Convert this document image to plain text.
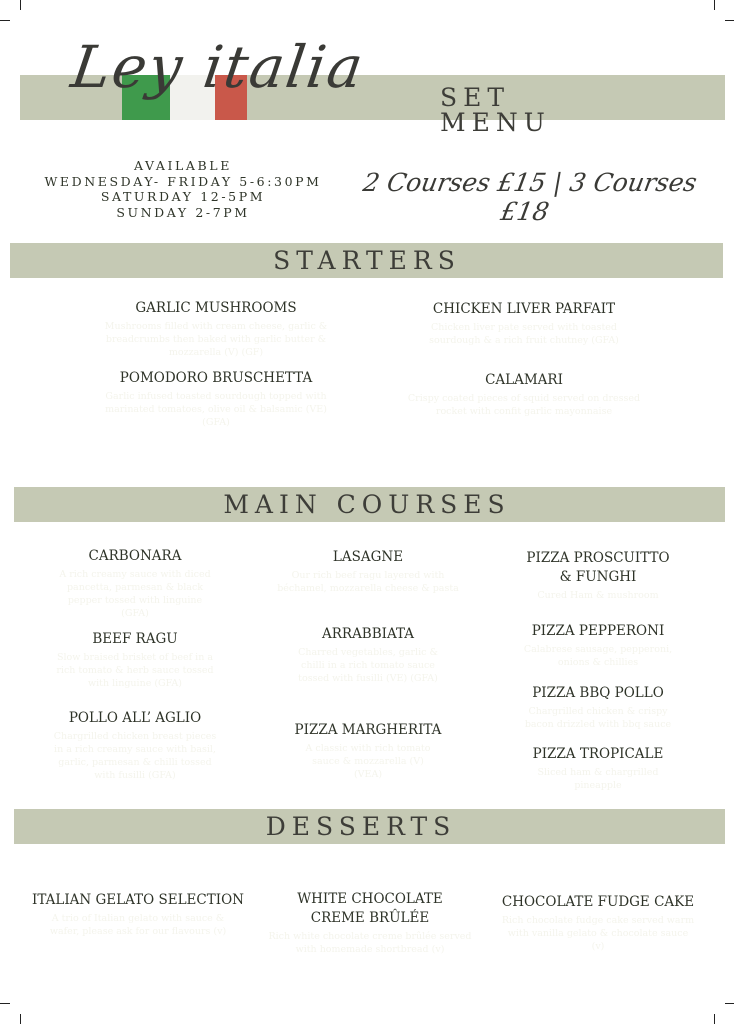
Ley italia	SET MENU
AVAILABLE
WEDNESDAY- FRIDAY 5-6:30PM
SATURDAY 12-5PM
SUNDAY 2-7PM
2 Courses £15 | 3 Courses £18
STARTERS
GARLIC MUSHROOMS
Mushrooms filled with cream cheese, garlic &
breadcrumbs then baked with garlic butter &
mozzarella (V) (GF)
CHICKEN LIVER PARFAIT
Chicken liver pate served with toasted
sourdough & a rich fruit chutney (GFA)
POMODORO BRUSCHETTA
Garlic infused toasted sourdough topped with
marinated tomatoes, olive oil & balsamic (VE)
(GFA)
CALAMARI
Crispy coated pieces of squid served on dressed
rocket with confit garlic mayonnaise
MAIN COURSES
CARBONARA
A rich creamy sauce with diced
pancetta, parmesan & black
pepper tossed with linguine
(GFA)
BEEF RAGU
Slow braised brisket of beef in a
rich tomato & herb sauce tossed
with linguine (GFA)
POLLO ALL’ AGLIO
Chargrilled chicken breast pieces
in a rich creamy sauce with basil,
garlic, parmesan & chilli tossed
with fusilli (GFA)
LASAGNE
Our rich beef ragu layered with
béchamel, mozzarella cheese & pasta
ARRABBIATA
Charred vegetables, garlic &
chilli in a rich tomato sauce
tossed with fusilli (VE) (GFA)
PIZZA MARGHERITA
A classic with rich tomato
sauce & mozzarella (V)
(VEA)
PIZZA PROSCUITTO
& FUNGHI
Cured Ham & mushroom
PIZZA PEPPERONI
Calabrese sausage, pepperoni,
onions & chillies
PIZZA BBQ POLLO
Chargrilled chicken & crispy
bacon drizzled with bbq sauce
PIZZA TROPICALE
Sliced ham & chargrilled
pineapple
DESSERTS
ITALIAN GELATO SELECTION
A trio of Italian gelato with sauce &
wafer, please ask for our flavours (v)
WHITE CHOCOLATE
CREME BRÛLÉE
Rich white chocolate creme brûlée served
with homemade shortbread (v)
CHOCOLATE FUDGE CAKE
Rich chocolate fudge cake served warm
with vanilla gelato & chocolate sauce
(v)
